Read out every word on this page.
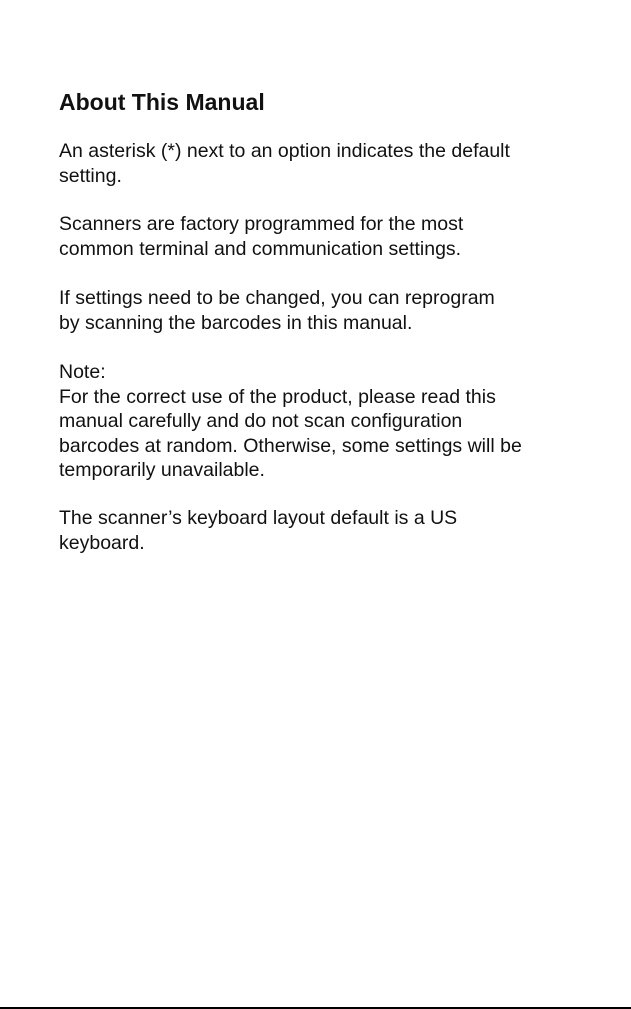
About This Manual

An asterisk (*) next to an option indicates the default
setting.

Scanners are factory programmed for the most
common terminal and communication settings.

If settings need to be changed, you can reprogram
by scanning the barcodes in this manual.

Note:
For the correct use of the product, please read this
manual carefully and do not scan configuration
barcodes at random. Otherwise, some settings will be
temporarily unavailable.

The scanner’s keyboard layout default is a US
keyboard.
